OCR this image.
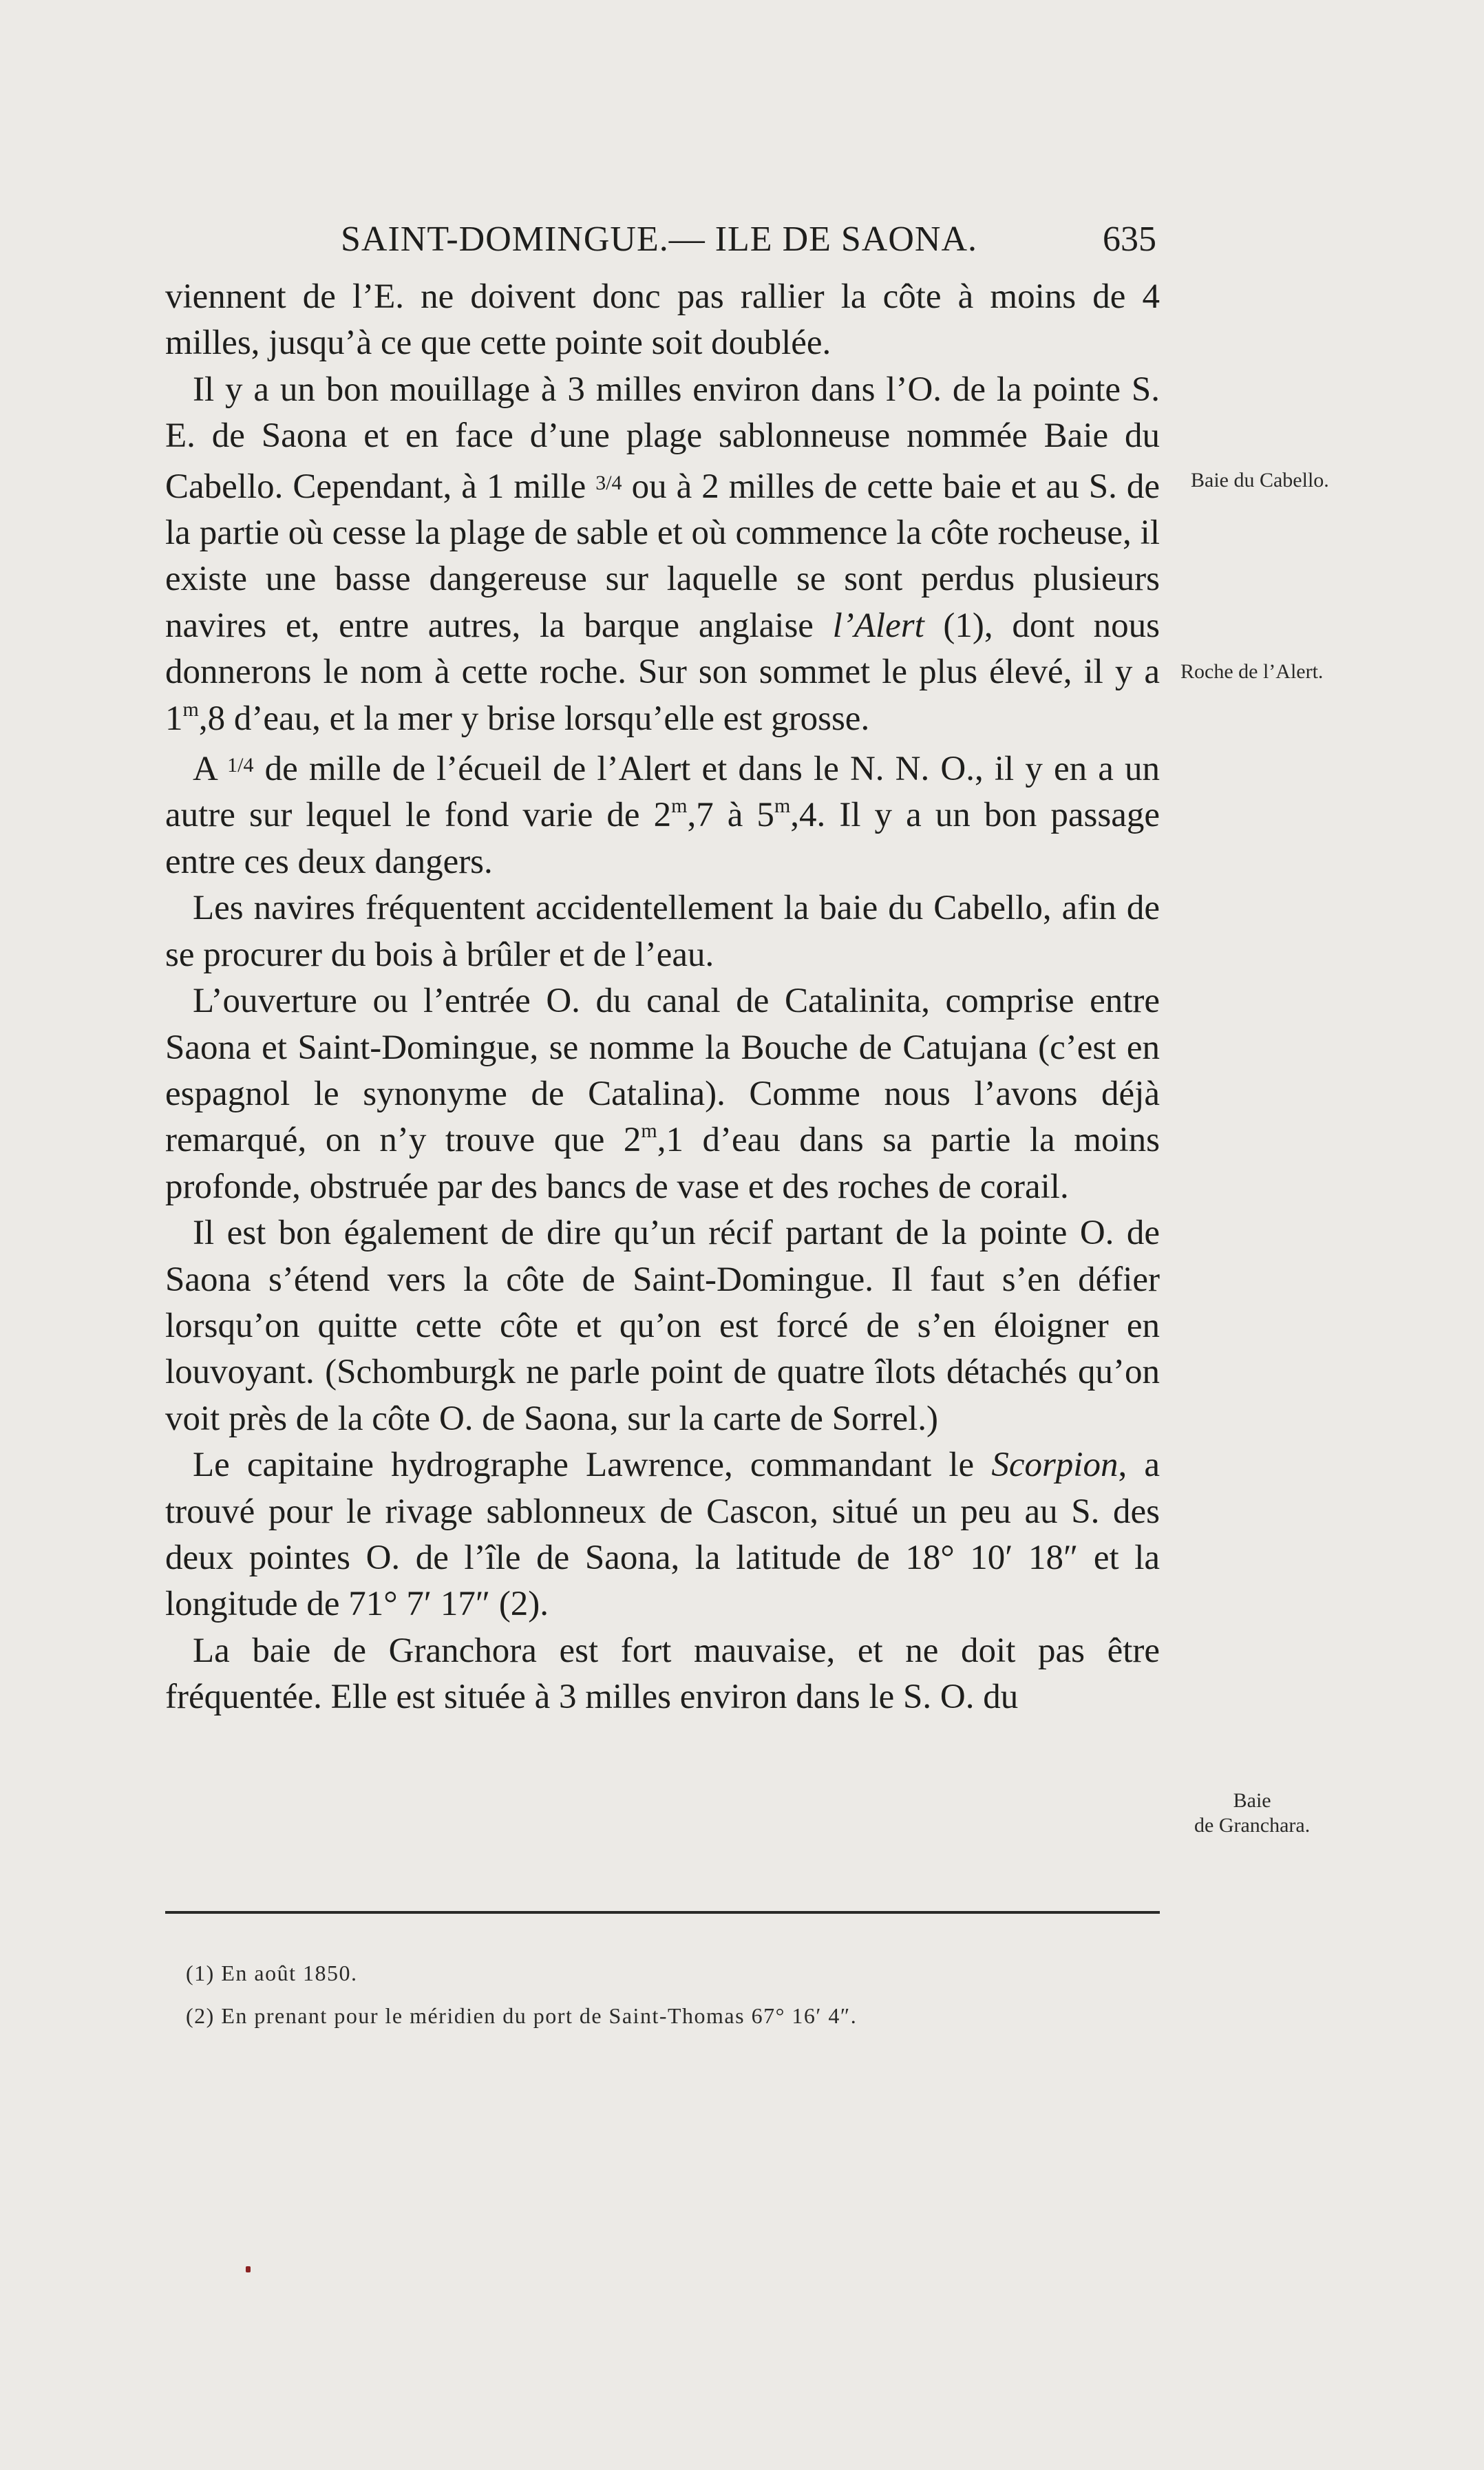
SAINT-DOMINGUE.— ILE DE SAONA.	635

viennent de l’E. ne doivent donc pas rallier la côte à moins de 4 milles, jusqu’à ce que cette pointe soit doublée.

Il y a un bon mouillage à 3 milles environ dans l’O. de la pointe S. E. de Saona et en face d’une plage sablonneuse nommée Baie du Cabello. Cependant, à 1 mille $^{3/4}$ ou à 2 milles de cette baie et au S. de la partie où cesse la plage de sable et où commence la côte rocheuse, il existe une basse dangereuse sur laquelle se sont perdus plusieurs navires et, entre autres, la barque anglaise l’Alert (1), dont nous donnerons le nom à cette roche. Sur son sommet le plus élevé, il y a 1$^m$,8 d’eau, et la mer y brise lorsqu’elle est grosse.

A $^{1/4}$ de mille de l’écueil de l’Alert et dans le N. N. O., il y en a un autre sur lequel le fond varie de 2$^m$,7 à 5$^m$,4. Il y a un bon passage entre ces deux dangers.

Les navires fréquentent accidentellement la baie du Cabello, afin de se procurer du bois à brûler et de l’eau.

L’ouverture ou l’entrée O. du canal de Catalinita, comprise entre Saona et Saint-Domingue, se nomme la Bouche de Catujana (c’est en espagnol le synonyme de Catalina). Comme nous l’avons déjà remarqué, on n’y trouve que 2$^m$,1 d’eau dans sa partie la moins profonde, obstruée par des bancs de vase et des roches de corail.

Il est bon également de dire qu’un récif partant de la pointe O. de Saona s’étend vers la côte de Saint-Domingue. Il faut s’en défier lorsqu’on quitte cette côte et qu’on est forcé de s’en éloigner en louvoyant. (Schomburgk ne parle point de quatre îlots détachés qu’on voit près de la côte O. de Saona, sur la carte de Sorrel.)

Le capitaine hydrographe Lawrence, commandant le Scorpion, a trouvé pour le rivage sablonneux de Cascon, situé un peu au S. des deux pointes O. de l’île de Saona, la latitude de 18° 10′ 18″ et la longitude de 71° 7′ 17″ (2).

La baie de Granchora est fort mauvaise, et ne doit pas être fréquentée. Elle est située à 3 milles environ dans le S. O. du

Baie du Cabello.
Roche de l’Alert.
Baie
de Granchara.
(1) En août 1850.
(2) En prenant pour le méridien du port de Saint-Thomas 67° 16′ 4″.
